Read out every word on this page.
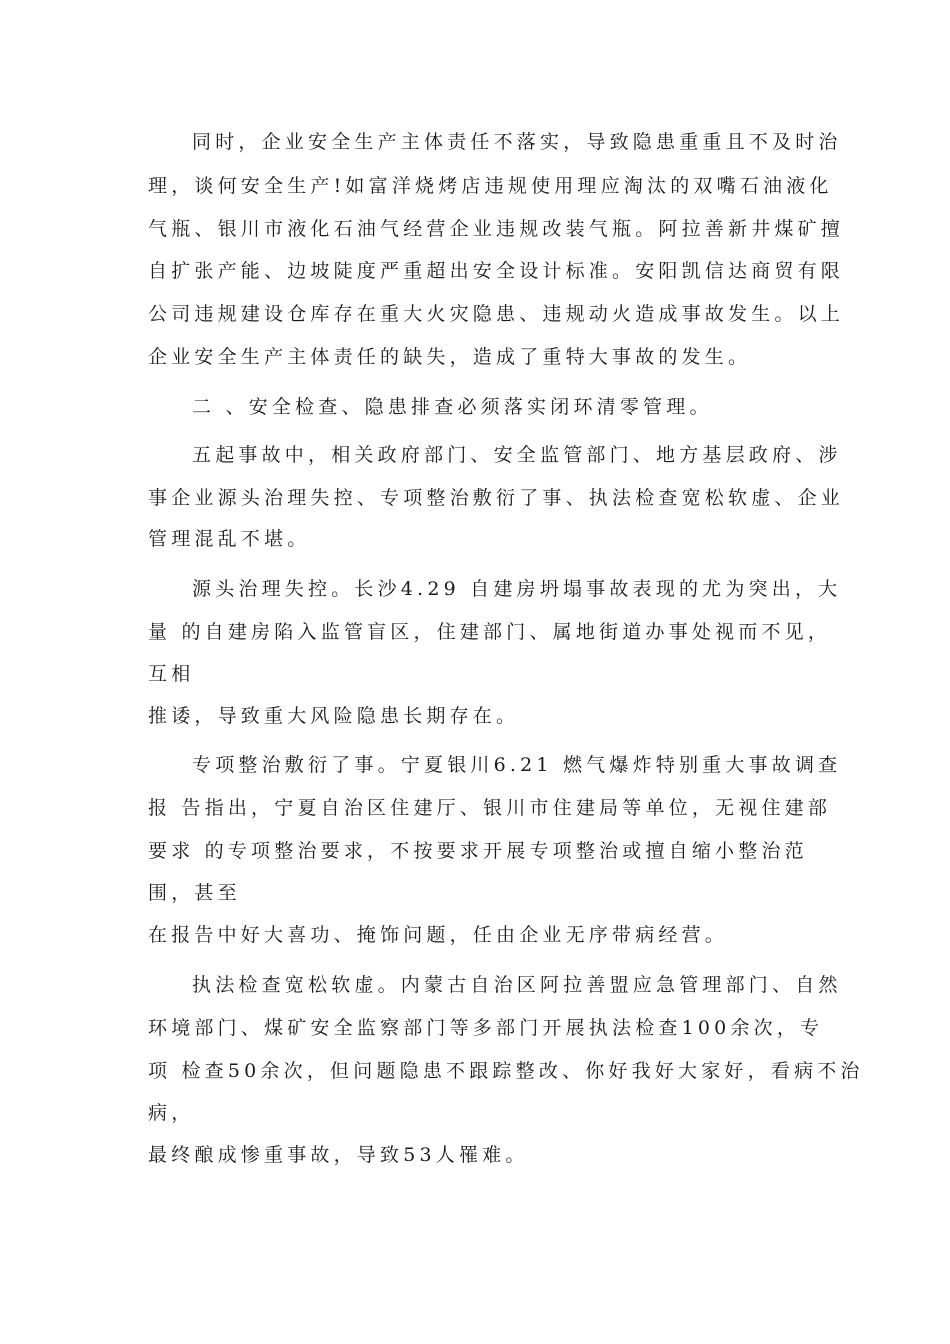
同时，企业安全生产主体责任不落实，导致隐患重重且不及时治
理，谈何安全生产!如富洋烧烤店违规使用理应淘汰的双嘴石油液化
气瓶、银川市液化石油气经营企业违规改装气瓶。阿拉善新井煤矿擅
自扩张产能、边坡陡度严重超出安全设计标准。安阳凯信达商贸有限
公司违规建设仓库存在重大火灾隐患、违规动火造成事故发生。以上
企业安全生产主体责任的缺失，造成了重特大事故的发生。
二 、安全检查、隐患排查必须落实闭环清零管理。
五起事故中，相关政府部门、安全监管部门、地方基层政府、涉
事企业源头治理失控、专项整治敷衍了事、执法检查宽松软虚、企业
管理混乱不堪。
源头治理失控。长沙4.29 自建房坍塌事故表现的尤为突出，大
量 的自建房陷入监管盲区，住建部门、属地街道办事处视而不见，
互相
推诿，导致重大风险隐患长期存在。
专项整治敷衍了事。宁夏银川6.21 燃气爆炸特别重大事故调查
报 告指出，宁夏自治区住建厅、银川市住建局等单位，无视住建部
要求 的专项整治要求，不按要求开展专项整治或擅自缩小整治范
围，甚至
在报告中好大喜功、掩饰问题，任由企业无序带病经营。
执法检查宽松软虚。内蒙古自治区阿拉善盟应急管理部门、自然
环境部门、煤矿安全监察部门等多部门开展执法检查100余次，专
项 检查50余次，但问题隐患不跟踪整改、你好我好大家好，看病不治
病，
最终酿成惨重事故，导致53人罹难。
